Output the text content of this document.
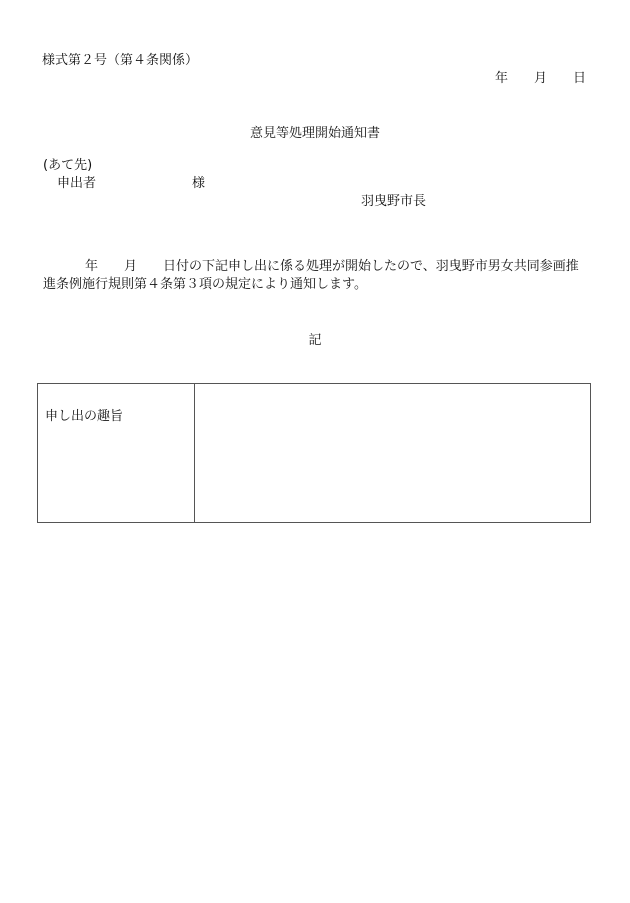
様式第２号（第４条関係）
年 月 日
意見等処理開始通知書
(あて先)
申出者	様
羽曳野市長
年 月 日付の下記申し出に係る処理が開始したので、羽曳野市男女共同参画推進条例施行規則第４条第３項の規定により通知します。
記
申し出の趣旨
